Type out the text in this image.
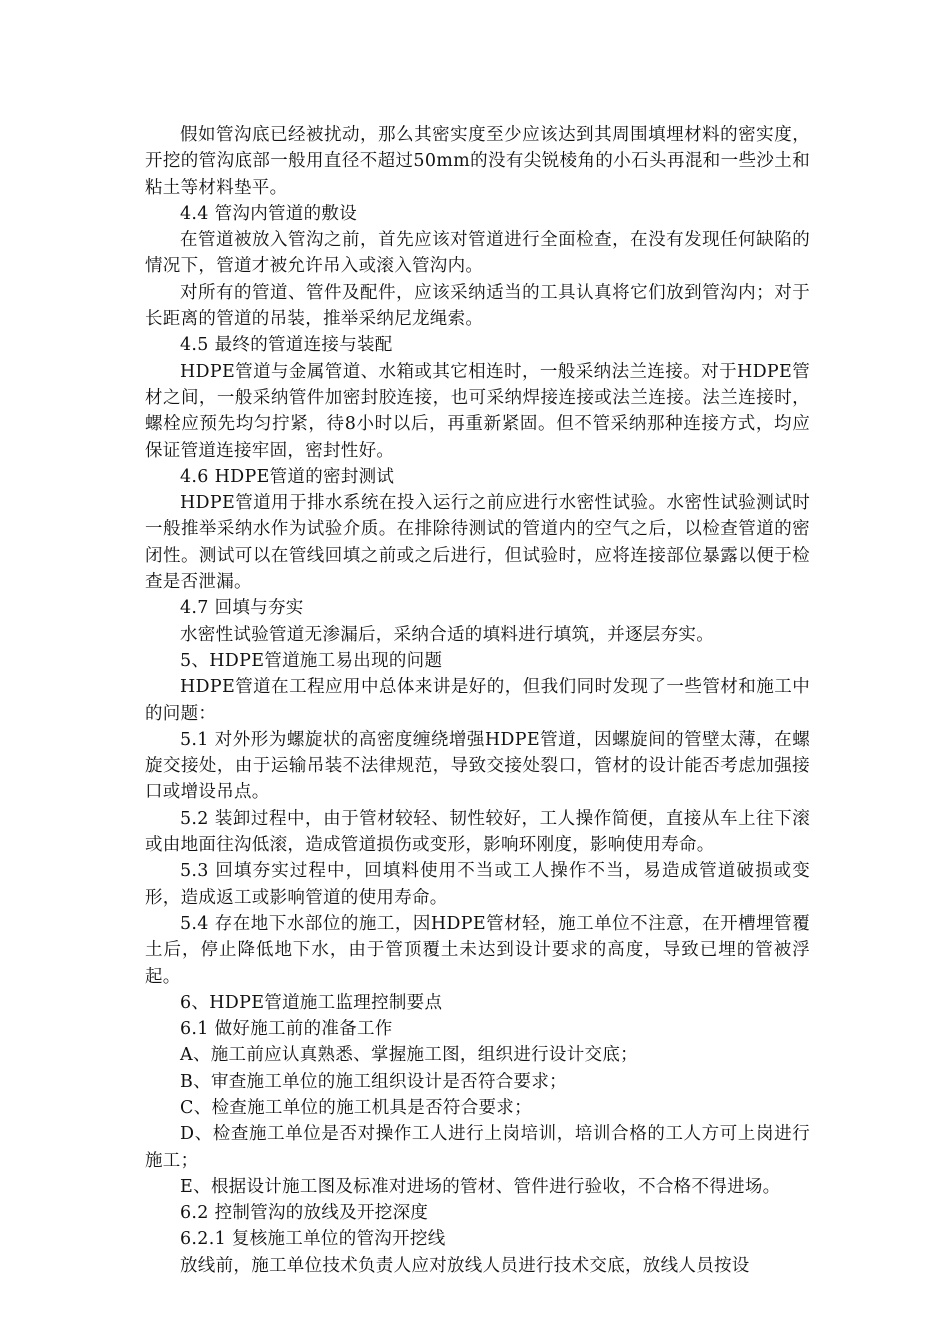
假如管沟底已经被扰动，那么其密实度至少应该达到其周围填埋材料的密实度，开挖的管沟底部一般用直径不超过50mm的没有尖锐棱角的小石头再混和一些沙土和粘土等材料垫平。

4.4 管沟内管道的敷设

在管道被放入管沟之前，首先应该对管道进行全面检查，在没有发现任何缺陷的情况下，管道才被允许吊入或滚入管沟内。

对所有的管道、管件及配件，应该采纳适当的工具认真将它们放到管沟内；对于长距离的管道的吊装，推举采纳尼龙绳索。

4.5 最终的管道连接与装配

HDPE管道与金属管道、水箱或其它相连时，一般采纳法兰连接。对于HDPE管材之间，一般采纳管件加密封胶连接，也可采纳焊接连接或法兰连接。法兰连接时，螺栓应预先均匀拧紧，待8小时以后，再重新紧固。但不管采纳那种连接方式，均应保证管道连接牢固，密封性好。

4.6 HDPE管道的密封测试

HDPE管道用于排水系统在投入运行之前应进行水密性试验。水密性试验测试时一般推举采纳水作为试验介质。在排除待测试的管道内的空气之后，以检查管道的密闭性。测试可以在管线回填之前或之后进行，但试验时，应将连接部位暴露以便于检查是否泄漏。

4.7 回填与夯实

水密性试验管道无渗漏后，采纳合适的填料进行填筑，并逐层夯实。

5、HDPE管道施工易出现的问题

HDPE管道在工程应用中总体来讲是好的，但我们同时发现了一些管材和施工中的问题：

5.1 对外形为螺旋状的高密度缠绕增强HDPE管道，因螺旋间的管壁太薄，在螺旋交接处，由于运输吊装不法律规范，导致交接处裂口，管材的设计能否考虑加强接口或增设吊点。

5.2 装卸过程中，由于管材较轻、韧性较好，工人操作简便，直接从车上往下滚或由地面往沟低滚，造成管道损伤或变形，影响环刚度，影响使用寿命。

5.3 回填夯实过程中，回填料使用不当或工人操作不当，易造成管道破损或变形，造成返工或影响管道的使用寿命。

5.4 存在地下水部位的施工，因HDPE管材轻，施工单位不注意，在开槽埋管覆土后，停止降低地下水，由于管顶覆土未达到设计要求的高度，导致已埋的管被浮起。

6、HDPE管道施工监理控制要点

6.1 做好施工前的准备工作

A、施工前应认真熟悉、掌握施工图，组织进行设计交底；

B、审查施工单位的施工组织设计是否符合要求；

C、检查施工单位的施工机具是否符合要求；

D、检查施工单位是否对操作工人进行上岗培训，培训合格的工人方可上岗进行施工；

E、根据设计施工图及标准对进场的管材、管件进行验收，不合格不得进场。

6.2 控制管沟的放线及开挖深度

6.2.1 复核施工单位的管沟开挖线

放线前，施工单位技术负责人应对放线人员进行技术交底，放线人员按设
